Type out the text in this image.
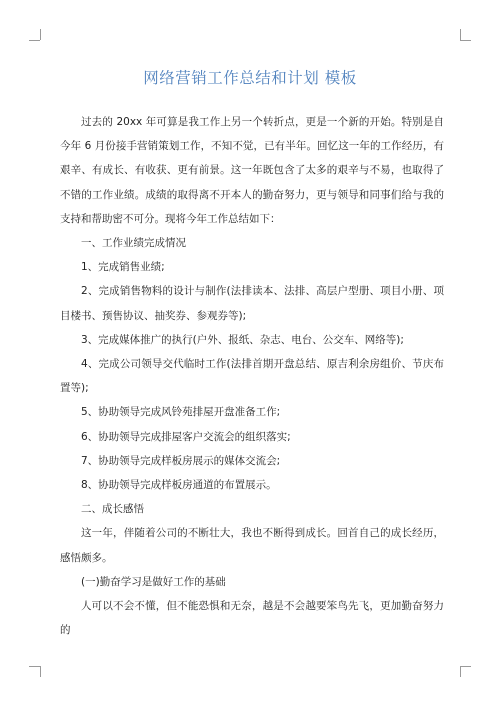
网络营销工作总结和计划 模板

过去的 20xx 年可算是我工作上另一个转折点，更是一个新的开始。特别是自今年 6 月份接手营销策划工作，不知不觉，已有半年。回忆这一年的工作经历，有艰辛、有成长、有收获、更有前景。这一年既包含了太多的艰辛与不易，也取得了不错的工作业绩。成绩的取得离不开本人的勤奋努力，更与领导和同事们给与我的支持和帮助密不可分。现将今年工作总结如下：

一、工作业绩完成情况

1、完成销售业绩;

2、完成销售物料的设计与制作(法排读本、法排、高层户型册、项目小册、项目楼书、预售协议、抽奖券、参观券等);

3、完成媒体推广的执行(户外、报纸、杂志、电台、公交车、网络等);

4、完成公司领导交代临时工作(法排首期开盘总结、原吉利余房组价、节庆布置等);

5、协助领导完成风铃苑排屋开盘准备工作;

6、协助领导完成排屋客户交流会的组织落实;

7、协助领导完成样板房展示的媒体交流会;

8、协助领导完成样板房通道的布置展示。

二、成长感悟

这一年，伴随着公司的不断壮大，我也不断得到成长。回首自己的成长经历，感悟颇多。

(一)勤奋学习是做好工作的基础

人可以不会不懂，但不能恐惧和无奈，越是不会越要笨鸟先飞，更加勤奋努力的
